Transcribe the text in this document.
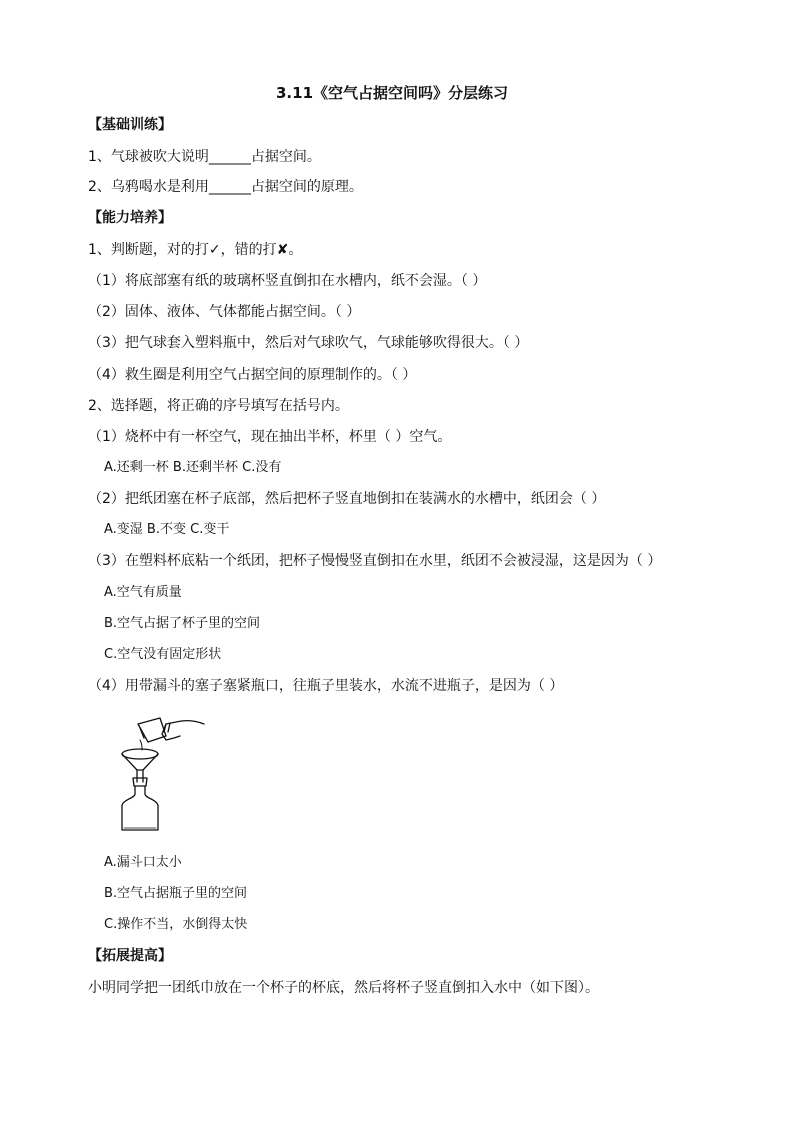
3.11《空气占据空间吗》分层练习
【基础训练】
1、气球被吹大说明______占据空间。
2、乌鸦喝水是利用______占据空间的原理。
【能力培养】
1、判断题，对的打✓，错的打✘。
（1）将底部塞有纸的玻璃杯竖直倒扣在水槽内，纸不会湿。（ ）
（2）固体、液体、气体都能占据空间。（ ）
（3）把气球套入塑料瓶中，然后对气球吹气，气球能够吹得很大。（ ）
（4）救生圈是利用空气占据空间的原理制作的。（ ）
2、选择题，将正确的序号填写在括号内。
（1）烧杯中有一杯空气，现在抽出半杯，杯里（ ）空气。
A.还剩一杯 B.还剩半杯 C.没有
（2）把纸团塞在杯子底部，然后把杯子竖直地倒扣在装满水的水槽中，纸团会（ ）
A.变湿 B.不变 C.变干
（3）在塑料杯底粘一个纸团，把杯子慢慢竖直倒扣在水里，纸团不会被浸湿，这是因为（ ）
A.空气有质量
B.空气占据了杯子里的空间
C.空气没有固定形状
（4）用带漏斗的塞子塞紧瓶口，往瓶子里装水，水流不进瓶子，是因为（ ）
A.漏斗口太小
B.空气占据瓶子里的空间
C.操作不当，水倒得太快
【拓展提高】
小明同学把一团纸巾放在一个杯子的杯底，然后将杯子竖直倒扣入水中（如下图）。
